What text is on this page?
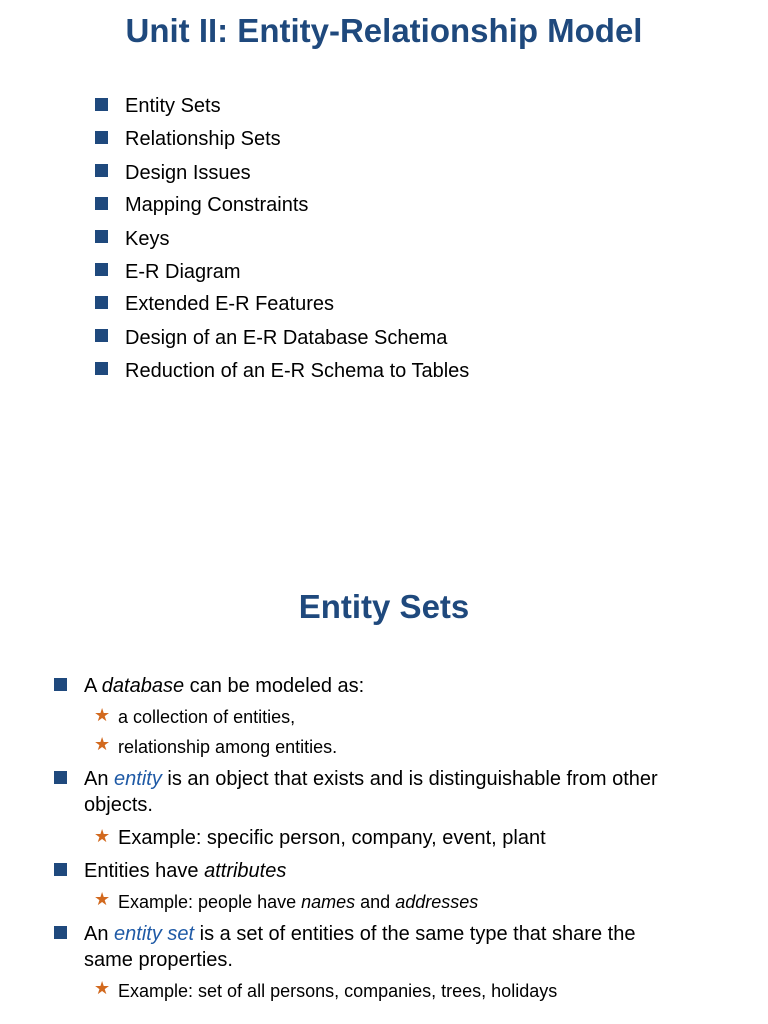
Unit II: Entity-Relationship Model
Entity Sets
Relationship Sets
Design Issues
Mapping Constraints
Keys
E-R Diagram
Extended E-R Features
Design of an E-R Database Schema
Reduction of an E-R Schema to Tables
Entity Sets
A database can be modeled as:
★ a collection of entities,
★ relationship among entities.
An entity is an object that exists and is distinguishable from other
objects.
★ Example: specific person, company, event, plant
Entities have attributes
★ Example: people have names and addresses
An entity set is a set of entities of the same type that share the
same properties.
★ Example: set of all persons, companies, trees, holidays
